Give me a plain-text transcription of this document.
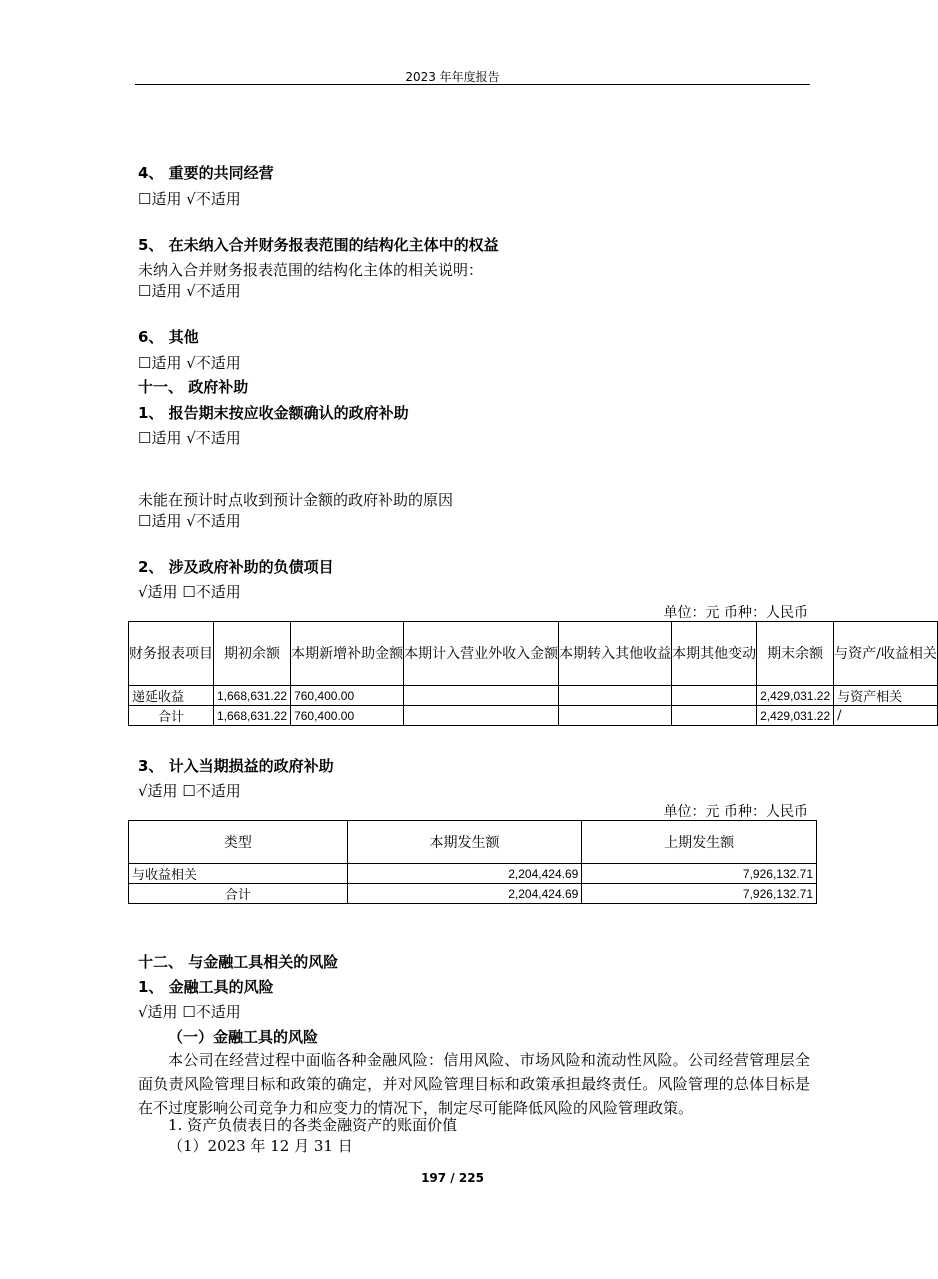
2023 年年度报告
4、 重要的共同经营
☐适用 √不适用
5、 在未纳入合并财务报表范围的结构化主体中的权益
未纳入合并财务报表范围的结构化主体的相关说明：
☐适用 √不适用
6、 其他
☐适用 √不适用
十一、 政府补助
1、 报告期末按应收金额确认的政府补助
☐适用 √不适用
未能在预计时点收到预计金额的政府补助的原因
☐适用 √不适用
2、 涉及政府补助的负债项目
√适用 ☐不适用
单位：元 币种：人民币
财务报表项目	期初余额	本期新增补助金额	本期计入营业外收入金额	本期转入其他收益	本期其他变动	期末余额	与资产/收益相关
递延收益	1,668,631.22	760,400.00				2,429,031.22	与资产相关
合计	1,668,631.22	760,400.00				2,429,031.22	/
3、 计入当期损益的政府补助
√适用 ☐不适用
单位：元 币种：人民币
类型	本期发生额	上期发生额
与收益相关	2,204,424.69	7,926,132.71
合计	2,204,424.69	7,926,132.71
十二、 与金融工具相关的风险
1、 金融工具的风险
√适用 ☐不适用
（一）金融工具的风险
本公司在经营过程中面临各种金融风险：信用风险、市场风险和流动性风险。公司经营管理层全面负责风险管理目标和政策的确定，并对风险管理目标和政策承担最终责任。风险管理的总体目标是在不过度影响公司竞争力和应变力的情况下，制定尽可能降低风险的风险管理政策。
1. 资产负债表日的各类金融资产的账面价值
（1）2023 年 12 月 31 日
197 / 225
